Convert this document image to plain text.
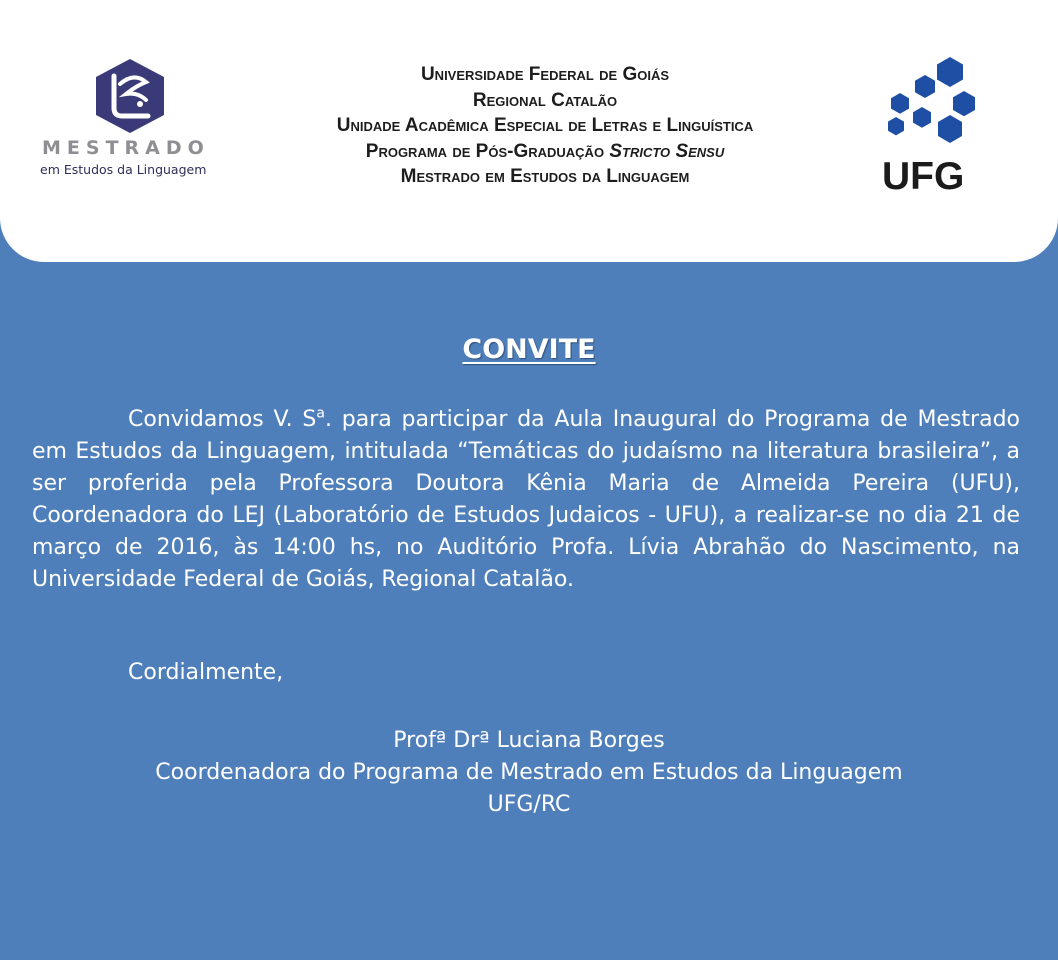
MESTRADO
em Estudos da Linguagem
Universidade Federal de Goiás
Regional Catalão
Unidade Acadêmica Especial de Letras e Linguística
Programa de Pós-Graduação Stricto Sensu
Mestrado em Estudos da Linguagem	UFG
CONVITE
Convidamos V. $S^a$. para participar da Aula Inaugural do Programa de Mestrado em Estudos da Linguagem, intitulada “Temáticas do judaísmo na literatura brasileira”, a ser proferida pela Professora Doutora Kênia Maria de Almeida Pereira (UFU), Coordenadora do LEJ (Laboratório de Estudos Judaicos - UFU), a realizar-se no dia 21 de março de 2016, às 14:00 hs, no Auditório Profa. Lívia Abrahão do Nascimento, na Universidade Federal de Goiás, Regional Catalão.
Cordialmente,
Profª Drª Luciana Borges
Coordenadora do Programa de Mestrado em Estudos da Linguagem
UFG/RC
